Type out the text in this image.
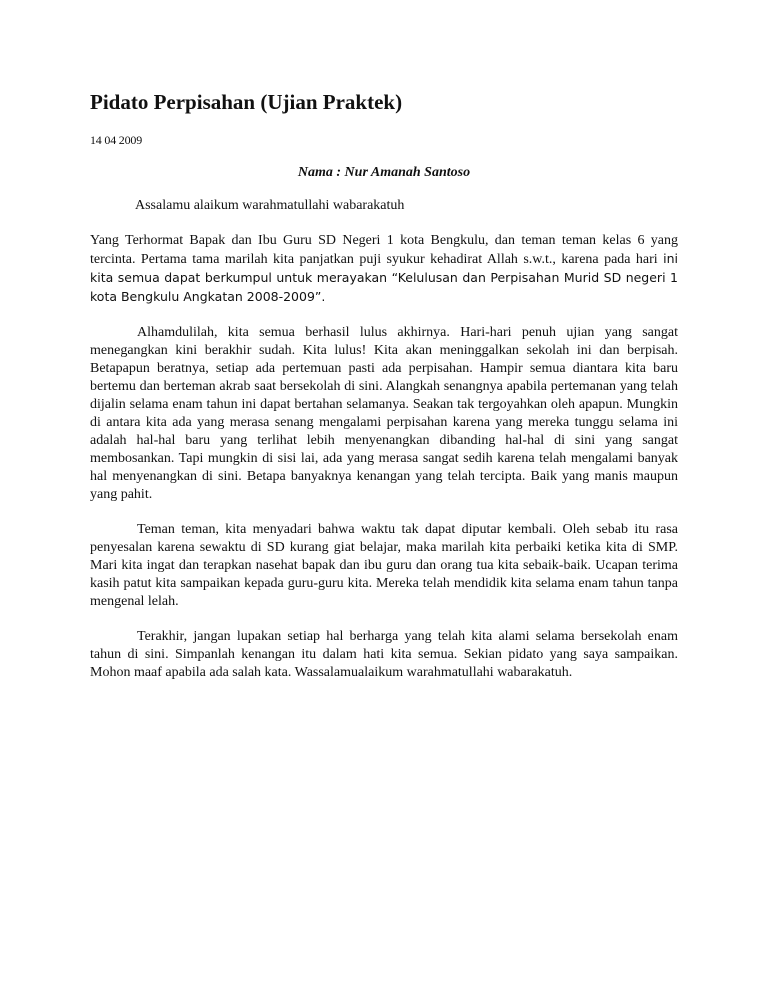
Pidato Perpisahan (Ujian Praktek)
14 04 2009
Nama : Nur Amanah Santoso
Assalamu alaikum warahmatullahi wabarakatuh

Yang Terhormat Bapak dan Ibu Guru SD Negeri 1 kota Bengkulu, dan teman teman kelas 6 yang tercinta. Pertama tama marilah kita panjatkan puji syukur kehadirat Allah s.w.t., karena pada hari ini kita semua dapat berkumpul untuk merayakan “Kelulusan dan Perpisahan Murid SD negeri 1 kota Bengkulu Angkatan 2008-2009”.

Alhamdulilah, kita semua berhasil lulus akhirnya. Hari-hari penuh ujian yang sangat menegangkan kini berakhir sudah. Kita lulus! Kita akan meninggalkan sekolah ini dan berpisah. Betapapun beratnya, setiap ada pertemuan pasti ada perpisahan. Hampir semua diantara kita baru bertemu dan berteman akrab saat bersekolah di sini. Alangkah senangnya apabila pertemanan yang telah dijalin selama enam tahun ini dapat bertahan selamanya. Seakan tak tergoyahkan oleh apapun. Mungkin di antara kita ada yang merasa senang mengalami perpisahan karena yang mereka tunggu selama ini adalah hal-hal baru yang terlihat lebih menyenangkan dibanding hal-hal di sini yang sangat membosankan. Tapi mungkin di sisi lai, ada yang merasa sangat sedih karena telah mengalami banyak hal menyenangkan di sini. Betapa banyaknya kenangan yang telah tercipta. Baik yang manis maupun yang pahit.

Teman teman, kita menyadari bahwa waktu tak dapat diputar kembali. Oleh sebab itu rasa penyesalan karena sewaktu di SD kurang giat belajar, maka marilah kita perbaiki ketika kita di SMP. Mari kita ingat dan terapkan nasehat bapak dan ibu guru dan orang tua kita sebaik-baik. Ucapan terima kasih patut kita sampaikan kepada guru-guru kita. Mereka telah mendidik kita selama enam tahun tanpa mengenal lelah.

Terakhir, jangan lupakan setiap hal berharga yang telah kita alami selama bersekolah enam tahun di sini. Simpanlah kenangan itu dalam hati kita semua. Sekian pidato yang saya sampaikan. Mohon maaf apabila ada salah kata. Wassalamualaikum warahmatullahi wabarakatuh.
